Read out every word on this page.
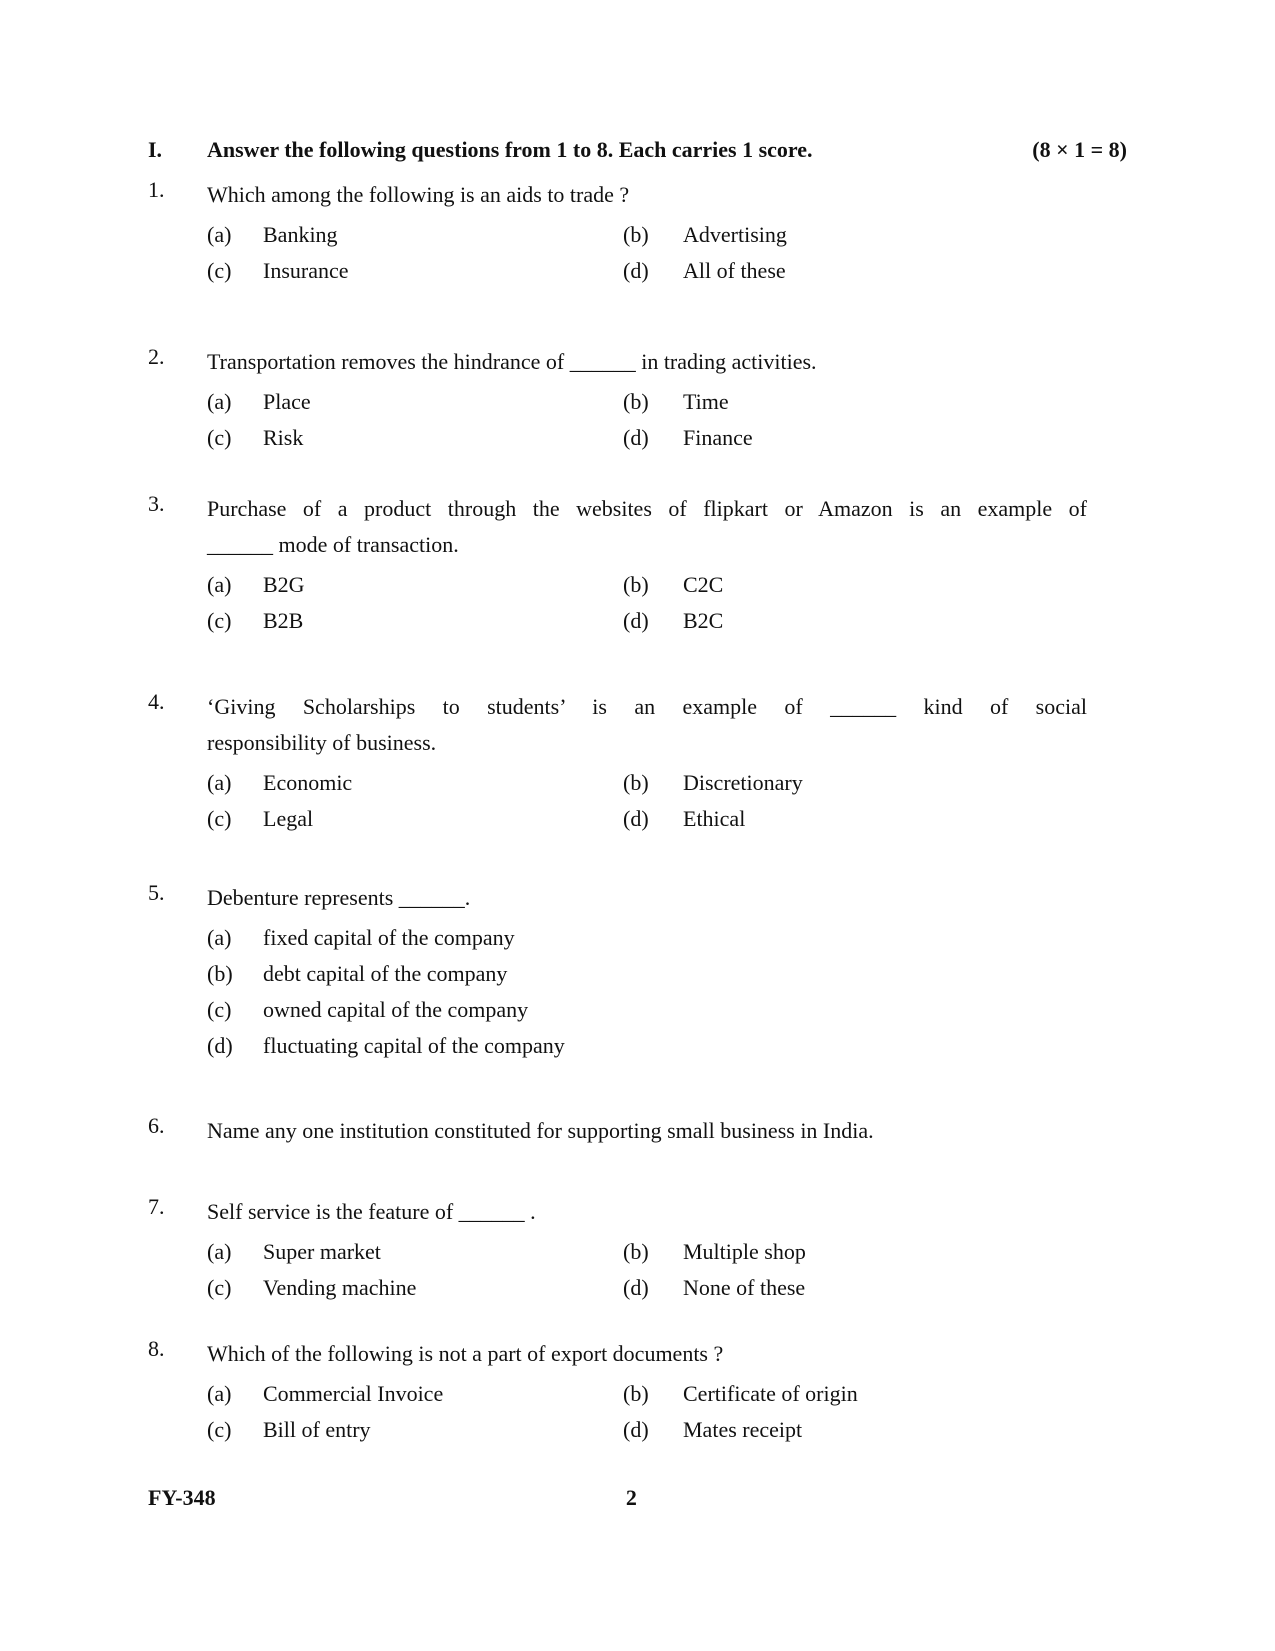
I.	Answer the following questions from 1 to 8. Each carries 1 score.	(8 × 1 = 8)
1.	Which among the following is an aids to trade ?
(a)	Banking	(b)	Advertising
(c)	Insurance	(d)	All of these
2.	Transportation removes the hindrance of ______ in trading activities.
(a)	Place	(b)	Time
(c)	Risk	(d)	Finance
3.	Purchase of a product through the websites of flipkart or Amazon is an example of
______ mode of transaction.
(a)	B2G	(b)	C2C
(c)	B2B	(d)	B2C
4.	‘Giving Scholarships to students’ is an example of ______ kind of social
responsibility of business.
(a)	Economic	(b)	Discretionary
(c)	Legal	(d)	Ethical
5.	Debenture represents ______.
(a)	fixed capital of the company
(b)	debt capital of the company
(c)	owned capital of the company
(d)	fluctuating capital of the company
6.	Name any one institution constituted for supporting small business in India.
7.	Self service is the feature of ______ .
(a)	Super market	(b)	Multiple shop
(c)	Vending machine	(d)	None of these
8.	Which of the following is not a part of export documents ?
(a)	Commercial Invoice	(b)	Certificate of origin
(c)	Bill of entry	(d)	Mates receipt
FY-348	2
